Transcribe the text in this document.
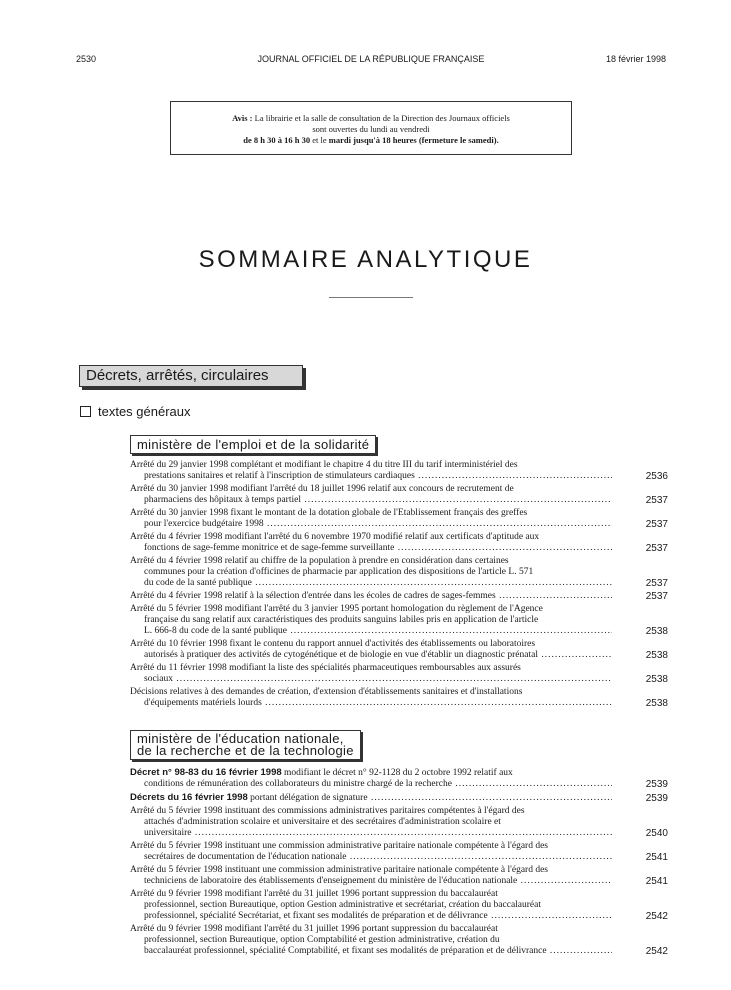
2530	JOURNAL OFFICIEL DE LA RÉPUBLIQUE FRANÇAISE	18 février 1998
Avis : La librairie et la salle de consultation de la Direction des Journaux officiels
sont ouvertes du lundi au vendredi
de 8 h 30 à 16 h 30 et le mardi jusqu'à 18 heures (fermeture le samedi).
SOMMAIRE ANALYTIQUE
Décrets, arrêtés, circulaires
textes généraux
ministère de l'emploi et de la solidarité
Arrêté du 29 janvier 1998 complétant et modifiant le chapitre 4 du titre III du tarif interministériel des
prestations sanitaires et relatif à l'inscription de stimulateurs cardiaques .....	2536
Arrêté du 30 janvier 1998 modifiant l'arrêté du 18 juillet 1996 relatif aux concours de recrutement de
pharmaciens des hôpitaux à temps partiel .....	2537
Arrêté du 30 janvier 1998 fixant le montant de la dotation globale de l'Etablissement français des greffes
pour l'exercice budgétaire 1998 .....	2537
Arrêté du 4 février 1998 modifiant l'arrêté du 6 novembre 1970 modifié relatif aux certificats d'aptitude aux
fonctions de sage-femme monitrice et de sage-femme surveillante .....	2537
Arrêté du 4 février 1998 relatif au chiffre de la population à prendre en considération dans certaines
communes pour la création d'officines de pharmacie par application des dispositions de l'article L. 571
du code de la santé publique .....	2537
Arrêté du 4 février 1998 relatif à la sélection d'entrée dans les écoles de cadres de sages-femmes .....	2537
Arrêté du 5 février 1998 modifiant l'arrêté du 3 janvier 1995 portant homologation du règlement de l'Agence
française du sang relatif aux caractéristiques des produits sanguins labiles pris en application de l'article
L. 666-8 du code de la santé publique .....	2538
Arrêté du 10 février 1998 fixant le contenu du rapport annuel d'activités des établissements ou laboratoires
autorisés à pratiquer des activités de cytogénétique et de biologie en vue d'établir un diagnostic prénatal .....	2538
Arrêté du 11 février 1998 modifiant la liste des spécialités pharmaceutiques remboursables aux assurés
sociaux .....	2538
Décisions relatives à des demandes de création, d'extension d'établissements sanitaires et d'installations
d'équipements matériels lourds .....	2538
ministère de l'éducation nationale,
de la recherche et de la technologie
Décret n° 98-83 du 16 février 1998 modifiant le décret n° 92-1128 du 2 octobre 1992 relatif aux
conditions de rémunération des collaborateurs du ministre chargé de la recherche .....	2539
Décrets du 16 février 1998 portant délégation de signature .....	2539
Arrêté du 5 février 1998 instituant des commissions administratives paritaires compétentes à l'égard des
attachés d'administration scolaire et universitaire et des secrétaires d'administration scolaire et
universitaire .....	2540
Arrêté du 5 février 1998 instituant une commission administrative paritaire nationale compétente à l'égard des
secrétaires de documentation de l'éducation nationale .....	2541
Arrêté du 5 février 1998 instituant une commission administrative paritaire nationale compétente à l'égard des
techniciens de laboratoire des établissements d'enseignement du ministère de l'éducation nationale .....	2541
Arrêté du 9 février 1998 modifiant l'arrêté du 31 juillet 1996 portant suppression du baccalauréat
professionnel, section Bureautique, option Gestion administrative et secrétariat, création du baccalauréat
professionnel, spécialité Secrétariat, et fixant ses modalités de préparation et de délivrance .....	2542
Arrêté du 9 février 1998 modifiant l'arrêté du 31 juillet 1996 portant suppression du baccalauréat
professionnel, section Bureautique, option Comptabilité et gestion administrative, création du
baccalauréat professionnel, spécialité Comptabilité, et fixant ses modalités de préparation et de délivrance .....	2542
